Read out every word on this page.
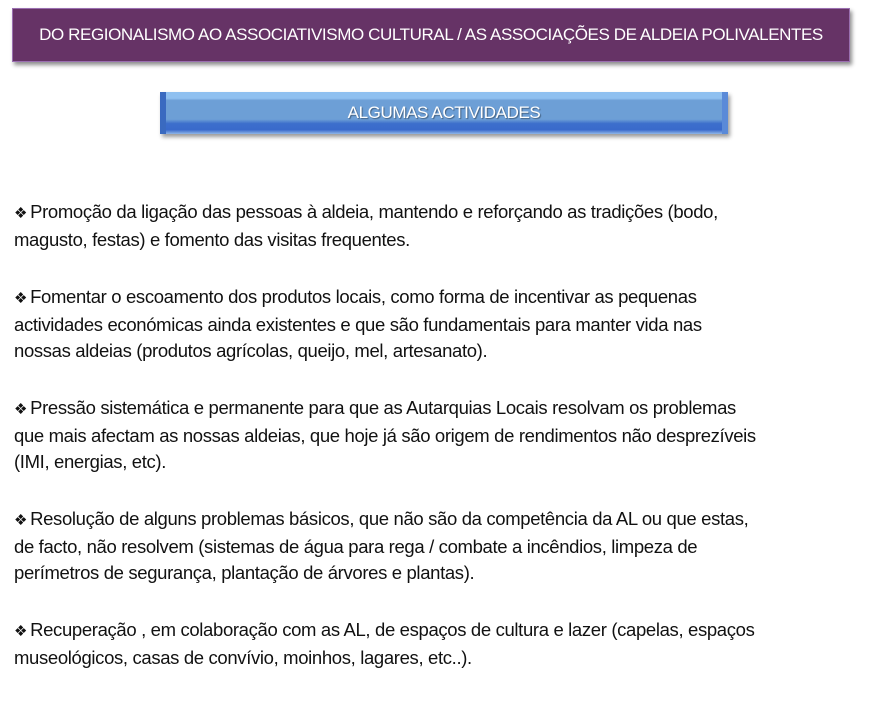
DO REGIONALISMO AO ASSOCIATIVISMO CULTURAL / AS ASSOCIAÇÕES DE ALDEIA POLIVALENTES
ALGUMAS ACTIVIDADES
❖ Promoção da ligação das pessoas à aldeia, mantendo e reforçando as tradições (bodo,
magusto, festas) e fomento das visitas frequentes.
❖ Fomentar o escoamento dos produtos locais, como forma de incentivar as pequenas
actividades económicas ainda existentes e que são fundamentais para manter vida nas
nossas aldeias (produtos agrícolas, queijo, mel, artesanato).
❖ Pressão sistemática e permanente para que as Autarquias Locais resolvam os problemas
que mais afectam as nossas aldeias, que hoje já são origem de rendimentos não desprezíveis
(IMI, energias, etc).
❖ Resolução de alguns problemas básicos, que não são da competência da AL ou que estas,
de facto, não resolvem (sistemas de água para rega / combate a incêndios, limpeza de
perímetros de segurança, plantação de árvores e plantas).
❖ Recuperação , em colaboração com as AL, de espaços de cultura e lazer (capelas, espaços
museológicos, casas de convívio, moinhos, lagares, etc..).
